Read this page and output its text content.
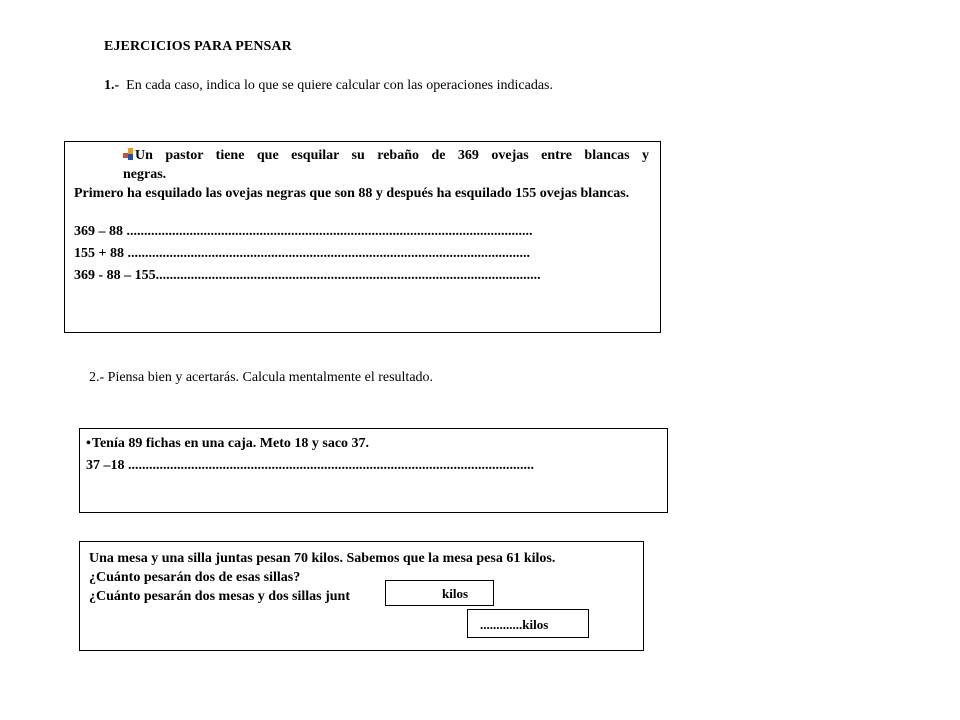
EJERCICIOS PARA PENSAR
1.- En cada caso, indica lo que se quiere calcular con las operaciones indicadas.
Un pastor tiene que esquilar su rebaño de 369 ovejas entre blancas y
negras.
Primero ha esquilado las ovejas negras que son 88 y después ha esquilado 155 ovejas blancas.
369 – 88 ....................................................................................................................
155 + 88 ...................................................................................................................
369 - 88 – 155..............................................................................................................
2.- Piensa bien y acertarás. Calcula mentalmente el resultado.
•Tenía 89 fichas en una caja. Meto 18 y saco 37.
37 –18 ....................................................................................................................
Una mesa y una silla juntas pesan 70 kilos. Sabemos que la mesa pesa 61 kilos.
¿Cuánto pesarán dos de esas sillas?
¿Cuánto pesarán dos mesas y dos sillas junt	kilos
.............kilos
